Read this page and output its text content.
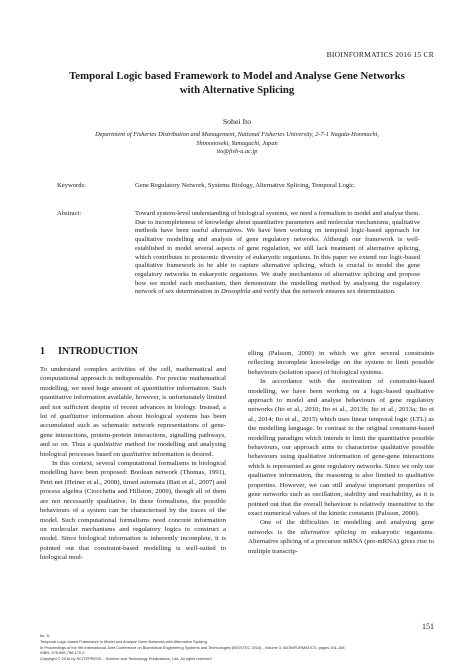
BIOINFORMATICS 2016 15 CR
Temporal Logic based Framework to Model and Analyse Gene Networks
with Alternative Splicing
Sohei Ito
Department of Fisheries Distribution and Management, National Fisheries University, 2-7-1 Nagata-Honmachi,
Shimonoseki, Yamaguchi, Japan
ito@fish-u.ac.jp
Keywords:	Gene Regulatory Network, Systems Biology, Alternative Splicing, Temporal Logic.
Abstract:	Toward system-level understanding of biological systems, we need a formalism to model and analyse them. Due to incompleteness of knowledge about quantitative parameters and molecular mechanisms, qualitative methods have been useful alternatives. We have been working on temporal logic-based approach for qualitative modelling and analysis of gene regulatory networks. Although our framework is well-established to model several aspects of gene regulation, we still lack treatment of alternative splicing, which contributes to proteomic diversity of eukaryotic organisms. In this paper we extend our logic-based qualitative framework to be able to capture alternative splicing, which is crucial to model the gene regulatory networks in eukaryotic organisms. We study mechanisms of alternative splicing and propose how we model each mechanism, then demonstrate the modelling method by analysing the regulatory network of sex determination in Drosophila and verify that the network ensures sex determination.
1 INTRODUCTION

To understand complex activities of the cell, mathematical and computational approach is indispensable. For precise mathematical modelling, we need huge amount of quantitative information. Such quantitative information available, however, is unfortunately limited and not sufficient despite of recent advances in biology. Instead, a lot of qualitative information about biological systems has been accumulated such as schematic network representations of gene-gene interactions, protein-protein interactions, signalling pathways, and so on. Thus a qualitative method for modelling and analysing biological processes based on qualitative information is desired.

In this context, several computational formalisms in biological modelling have been proposed: Boolean network (Thomas, 1991), Petri net (Heiner et al., 2008), timed automata (Batt et al., 2007) and process algebra (Ciocchetta and Hillston, 2009), though all of them are not necessarily qualitative. In these formalisms, the possible behaviours of a system can be characterised by the traces of the model. Such computational formalisms need concrete information on molecular mechanisms and regulatory logics to construct a model. Since biological information is inherently incomplete, it is pointed out that constraint-based modelling is well-suited in biological mod-

elling (Palsson, 2000) in which we give several constraints reflecting incomplete knowledge on the system to limit possible behaviours (solution space) of biological systems.

In accordance with the motivation of constraint-based modelling, we have been working on a logic-based qualitative approach to model and analyse behaviours of gene regulatory networks (Ito et al., 2010; Ito et al., 2013b; Ito et al., 2013a; Ito et al., 2014; Ito et al., 2015) which uses linear temporal logic (LTL) as the modelling language. In contrast to the original constraint-based modelling paradigm which intends to limit the quantitative possible behaviours, our approach aims to characterise qualitative possible behaviours using qualitative information of gene-gene interactions which is represented as gene regulatory networks. Since we only use qualitative information, the reasoning is also limited to qualitative properties. However, we can still analyse important properties of gene networks such as oscillation, stability and reachability, as it is pointed out that the overall behaviour is relatively insensitive to the exact numerical values of the kinetic constants (Palsson, 2000).

One of the difficulties in modelling and analysing gene networks is the alternative splicing in eukaryotic organisms. Alternative splicing of a precursor mRNA (pre-mRNA) gives rise to multiple transcrip-

151
Ito, S.
Temporal Logic based Framework to Model and Analyse Gene Networks with Alternative Splicing.
In Proceedings of the 9th International Joint Conference on Biomedical Engineering Systems and Technologies (BIOSTEC 2016) - Volume 3: BIOINFORMATICS, pages 151-158
ISBN: 978-989-758-170-0
Copyright © 2016 by SCITEPRESS – Science and Technology Publications, Lda. All rights reserved
